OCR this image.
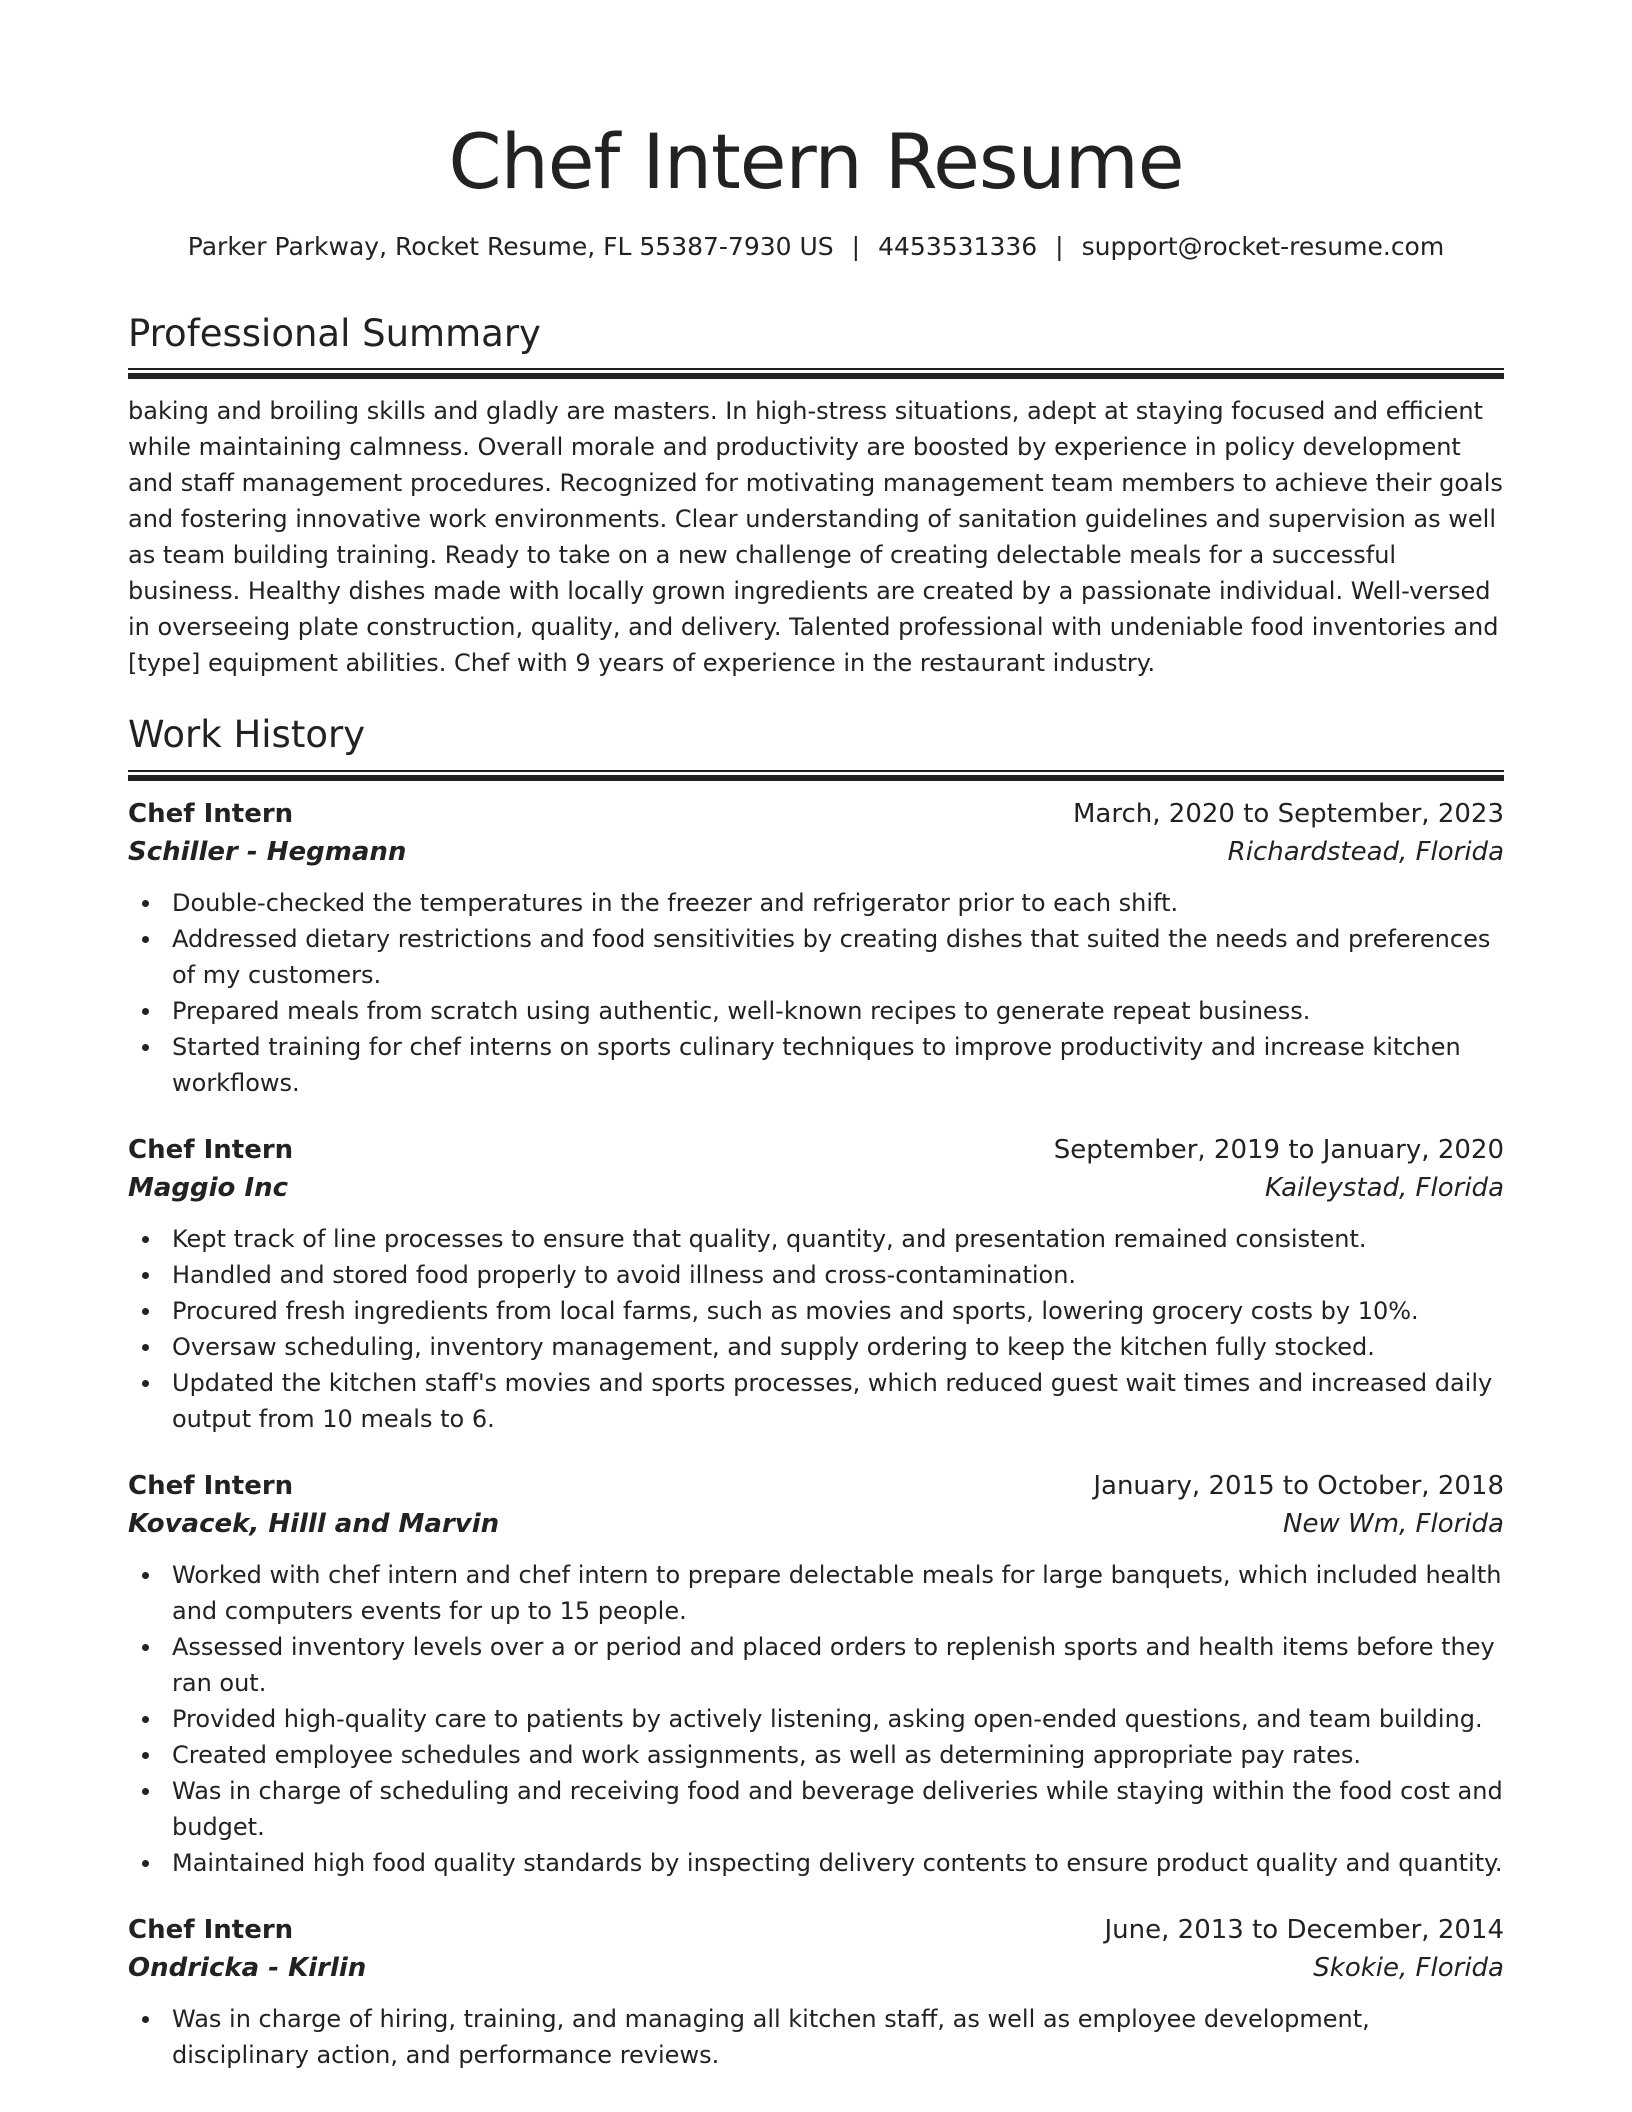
Chef Intern Resume
Parker Parkway, Rocket Resume, FL 55387-7930 US | 4453531336 | support@rocket-resume.com
Professional Summary

baking and broiling skills and gladly are masters. In high-stress situations, adept at staying focused and efficient while maintaining calmness. Overall morale and productivity are boosted by experience in policy development and staff management procedures. Recognized for motivating management team members to achieve their goals and fostering innovative work environments. Clear understanding of sanitation guidelines and supervision as well as team building training. Ready to take on a new challenge of creating delectable meals for a successful business. Healthy dishes made with locally grown ingredients are created by a passionate individual. Well-versed in overseeing plate construction, quality, and delivery. Talented professional with undeniable food inventories and [type] equipment abilities. Chef with 9 years of experience in the restaurant industry.

Work History
Chef Intern	March, 2020 to September, 2023
Schiller - Hegmann	Richardstead, Florida
Double-checked the temperatures in the freezer and refrigerator prior to each shift.
Addressed dietary restrictions and food sensitivities by creating dishes that suited the needs and preferences of my customers.
Prepared meals from scratch using authentic, well-known recipes to generate repeat business.
Started training for chef interns on sports culinary techniques to improve productivity and increase kitchen workflows.
Chef Intern	September, 2019 to January, 2020
Maggio Inc	Kaileystad, Florida
Kept track of line processes to ensure that quality, quantity, and presentation remained consistent.
Handled and stored food properly to avoid illness and cross-contamination.
Procured fresh ingredients from local farms, such as movies and sports, lowering grocery costs by 10%.
Oversaw scheduling, inventory management, and supply ordering to keep the kitchen fully stocked.
Updated the kitchen staff's movies and sports processes, which reduced guest wait times and increased daily output from 10 meals to 6.
Chef Intern	January, 2015 to October, 2018
Kovacek, Hilll and Marvin	New Wm, Florida
Worked with chef intern and chef intern to prepare delectable meals for large banquets, which included health and computers events for up to 15 people.
Assessed inventory levels over a or period and placed orders to replenish sports and health items before they ran out.
Provided high-quality care to patients by actively listening, asking open-ended questions, and team building.
Created employee schedules and work assignments, as well as determining appropriate pay rates.
Was in charge of scheduling and receiving food and beverage deliveries while staying within the food cost and budget.
Maintained high food quality standards by inspecting delivery contents to ensure product quality and quantity.
Chef Intern	June, 2013 to December, 2014
Ondricka - Kirlin	Skokie, Florida
Was in charge of hiring, training, and managing all kitchen staff, as well as employee development, disciplinary action, and performance reviews.
